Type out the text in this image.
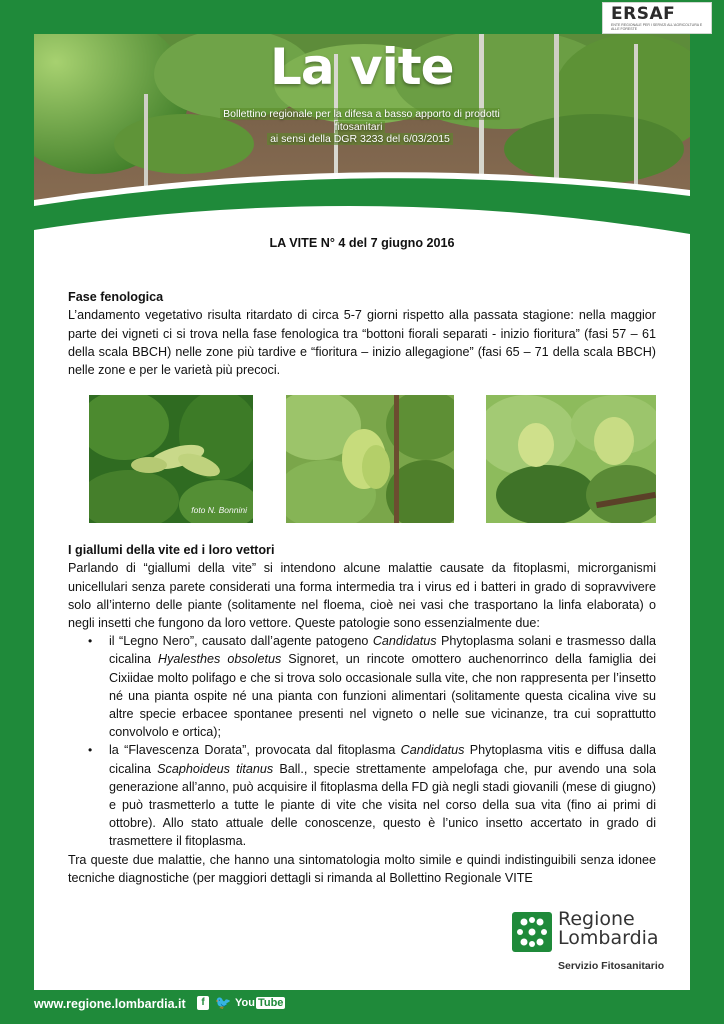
ERSAF
ENTE REGIONALE PER I SERVIZI ALL'AGRICOLTURA E ALLE FORESTE
La vite
Bollettino regionale per la difesa a basso apporto di prodotti fitosanitari
ai sensi della DGR 3233 del 6/03/2015
LA VITE N° 4 del 7 giugno 2016
Fase fenologica

L’andamento vegetativo risulta ritardato di circa 5-7 giorni rispetto alla passata stagione: nella maggior parte dei vigneti ci si trova nella fase fenologica tra “bottoni fiorali separati - inizio fioritura” (fasi 57 – 61 della scala BBCH) nelle zone più tardive e “fioritura – inizio allegagione” (fasi 65 – 71 della scala BBCH) nelle zone e per le varietà più precoci.

foto N. Bonnini
I giallumi della vite ed i loro vettori

Parlando di “giallumi della vite” si intendono alcune malattie causate da fitoplasmi, microrganismi unicellulari senza parete considerati una forma intermedia tra i virus ed i batteri in grado di sopravvivere solo all’interno delle piante (solitamente nel floema, cioè nei vasi che trasportano la linfa elaborata) o negli insetti che fungono da loro vettore. Queste patologie sono essenzialmente due:

• il “Legno Nero”, causato dall’agente patogeno Candidatus Phytoplasma solani e trasmesso dalla cicalina Hyalesthes obsoletus Signoret, un rincote omottero auchenorrinco della famiglia dei Cixiidae molto polifago e che si trova solo occasionale sulla vite, che non rappresenta per l’insetto né una pianta ospite né una pianta con funzioni alimentari (solitamente questa cicalina vive su altre specie erbacee spontanee presenti nel vigneto o nelle sue vicinanze, tra cui soprattutto convolvolo e ortica);
• la “Flavescenza Dorata”, provocata dal fitoplasma Candidatus Phytoplasma vitis e diffusa dalla cicalina Scaphoideus titanus Ball., specie strettamente ampelofaga che, pur avendo una sola generazione all’anno, può acquisire il fitoplasma della FD già negli stadi giovanili (mese di giugno) e può trasmetterlo a tutte le piante di vite che visita nel corso della sua vita (fino ai primi di ottobre). Allo stato attuale delle conoscenze, questo è l’unico insetto accertato in grado di trasmettere il fitoplasma.

Tra queste due malattie, che hanno una sintomatologia molto simile e quindi indistinguibili senza idonee tecniche diagnostiche (per maggiori dettagli si rimanda al Bollettino Regionale VITE

Regione
Lombardia
Servizio Fitosanitario
www.regione.lombardia.it	f 🐦 You Tube
